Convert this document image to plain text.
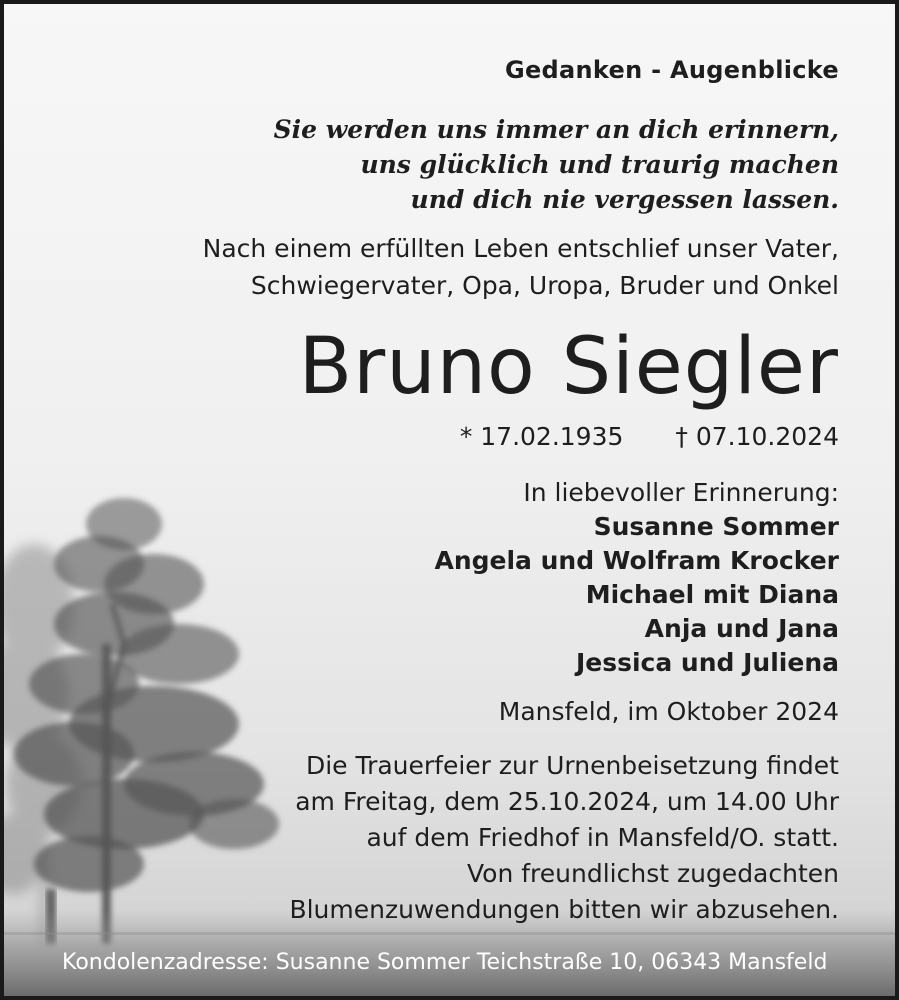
Gedanken - Augenblicke
Sie werden uns immer an dich erinnern,
uns glücklich und traurig machen
und dich nie vergessen lassen.
Nach einem erfüllten Leben entschlief unser Vater,
Schwiegervater, Opa, Uropa, Bruder und Onkel
Bruno Siegler
* 17.02.1935 † 07.10.2024
In liebevoller Erinnerung:
Susanne Sommer
Angela und Wolfram Krocker
Michael mit Diana
Anja und Jana
Jessica und Juliena
Mansfeld, im Oktober 2024
Die Trauerfeier zur Urnenbeisetzung findet
am Freitag, dem 25.10.2024, um 14.00 Uhr
auf dem Friedhof in Mansfeld/O. statt.
Von freundlichst zugedachten
Blumenzuwendungen bitten wir abzusehen.
Kondolenzadresse: Susanne Sommer Teichstraße 10, 06343 Mansfeld
